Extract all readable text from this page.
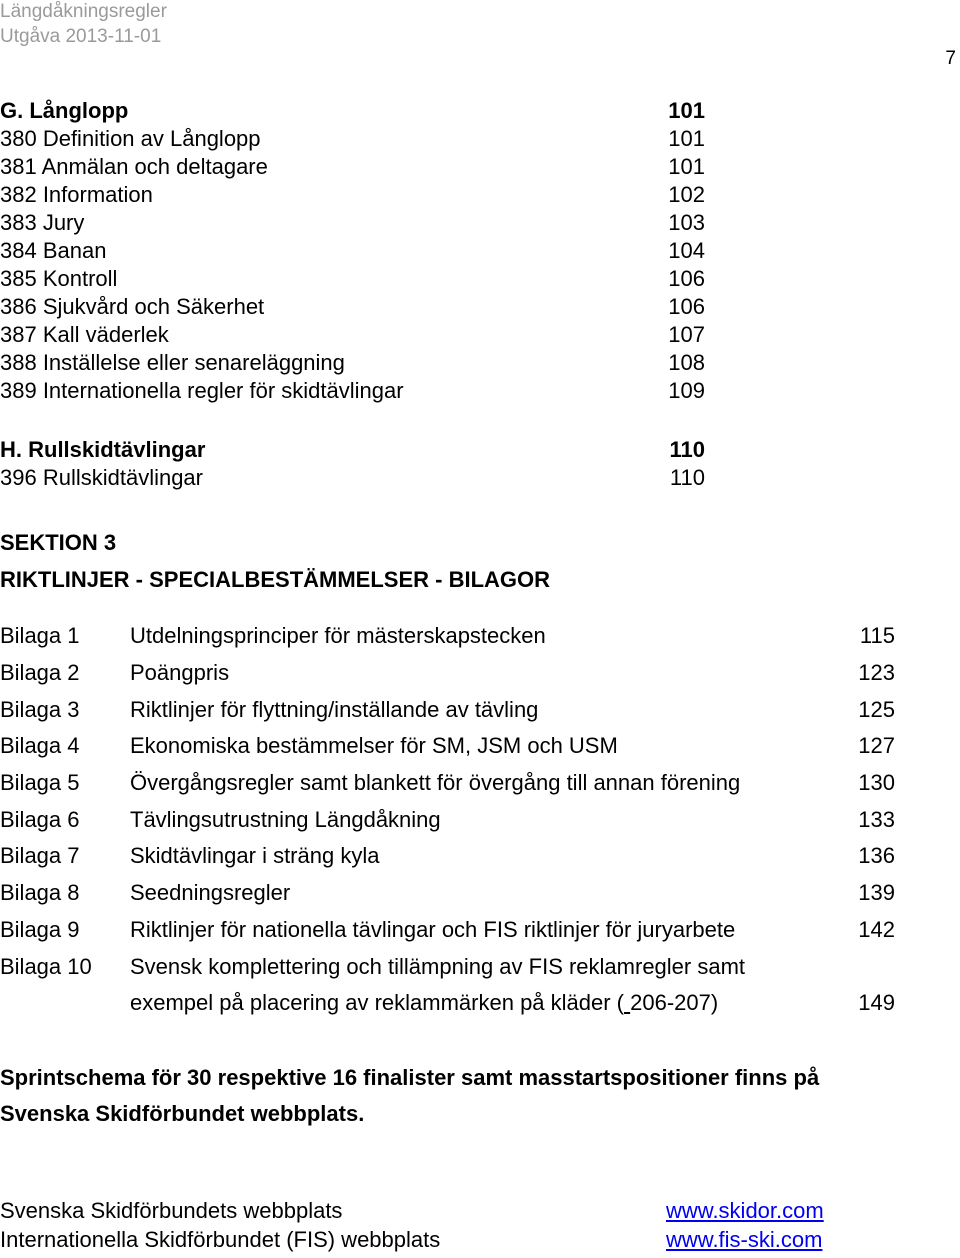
Längdåkningsregler
Utgåva 2013-11-01
7
G. Långlopp	101
380 Definition av Långlopp	101
381 Anmälan och deltagare	101
382 Information	102
383 Jury	103
384 Banan	104
385 Kontroll	106
386 Sjukvård och Säkerhet	106
387 Kall väderlek	107
388 Inställelse eller senareläggning	108
389 Internationella regler för skidtävlingar	109
H. Rullskidtävlingar	110
396 Rullskidtävlingar	110
SEKTION 3
RIKTLINJER - SPECIALBESTÄMMELSER - BILAGOR
Bilaga 1 Utdelningsprinciper för mästerskapstecken	115
Bilaga 2 Poängpris	123
Bilaga 3 Riktlinjer för flyttning/inställande av tävling	125
Bilaga 4 Ekonomiska bestämmelser för SM, JSM och USM	127
Bilaga 5 Övergångsregler samt blankett för övergång till annan förening	130
Bilaga 6 Tävlingsutrustning Längdåkning	133
Bilaga 7 Skidtävlingar i sträng kyla	136
Bilaga 8 Seedningsregler	139
Bilaga 9 Riktlinjer för nationella tävlingar och FIS riktlinjer för juryarbete	142
Bilaga 10 Svensk komplettering och tillämpning av FIS reklamregler samt
exempel på placering av reklammärken på kläder ( 206-207)	149
Sprintschema för 30 respektive 16 finalister samt masstartspositioner finns på
Svenska Skidförbundet webbplats.
Svenska Skidförbundets webbplats	www.skidor.com
Internationella Skidförbundet (FIS) webbplats	www.fis-ski.com
